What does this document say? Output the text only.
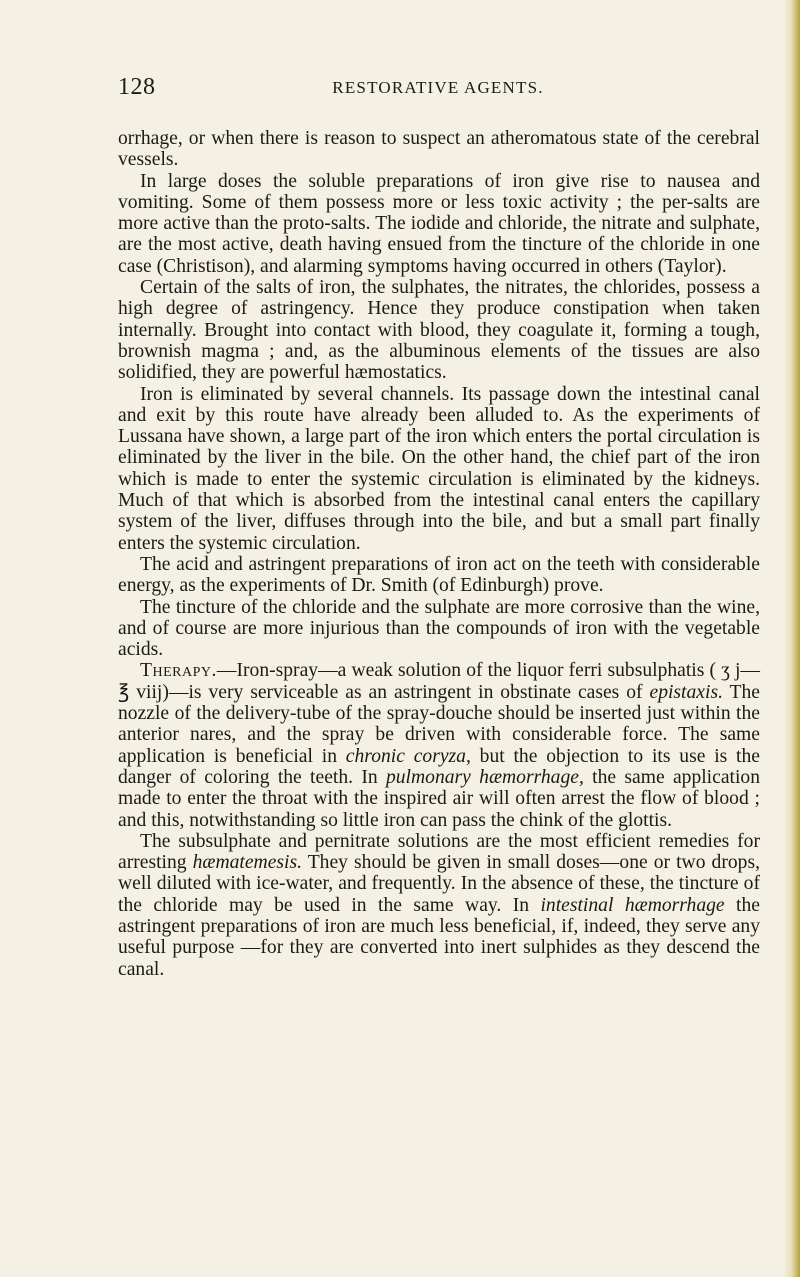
128	RESTORATIVE AGENTS.

orrhage, or when there is reason to suspect an atheromatous state of the cerebral vessels.

In large doses the soluble preparations of iron give rise to nausea and vomiting. Some of them possess more or less toxic activity ; the per-salts are more active than the proto-salts. The iodide and chloride, the nitrate and sulphate, are the most active, death having ensued from the tincture of the chloride in one case (Christison), and alarming symptoms having occurred in others (Taylor).

Certain of the salts of iron, the sulphates, the nitrates, the chlorides, possess a high degree of astringency. Hence they produce constipation when taken internally. Brought into contact with blood, they coagulate it, forming a tough, brownish magma ; and, as the albuminous elements of the tissues are also solidified, they are powerful hæmostatics.

Iron is eliminated by several channels. Its passage down the intestinal canal and exit by this route have already been alluded to. As the experiments of Lussana have shown, a large part of the iron which enters the portal circulation is eliminated by the liver in the bile. On the other hand, the chief part of the iron which is made to enter the systemic circulation is eliminated by the kidneys. Much of that which is absorbed from the intestinal canal enters the capillary system of the liver, diffuses through into the bile, and but a small part finally enters the systemic circulation.

The acid and astringent preparations of iron act on the teeth with considerable energy, as the experiments of Dr. Smith (of Edinburgh) prove.

The tincture of the chloride and the sulphate are more corrosive than the wine, and of course are more injurious than the compounds of iron with the vegetable acids.

Therapy.—Iron-spray—a weak solution of the liquor ferri subsulphatis ( ʒ j— ℥ viij)—is very serviceable as an astringent in obstinate cases of epistaxis. The nozzle of the delivery-tube of the spray-douche should be inserted just within the anterior nares, and the spray be driven with considerable force. The same application is beneficial in chronic coryza, but the objection to its use is the danger of coloring the teeth. In pulmonary hæmorrhage, the same application made to enter the throat with the inspired air will often arrest the flow of blood ; and this, notwithstanding so little iron can pass the chink of the glottis.

The subsulphate and pernitrate solutions are the most efficient remedies for arresting hæmatemesis. They should be given in small doses—one or two drops, well diluted with ice-water, and frequently. In the absence of these, the tincture of the chloride may be used in the same way. In intestinal hæmorrhage the astringent preparations of iron are much less beneficial, if, indeed, they serve any useful purpose —for they are converted into inert sulphides as they descend the canal.
